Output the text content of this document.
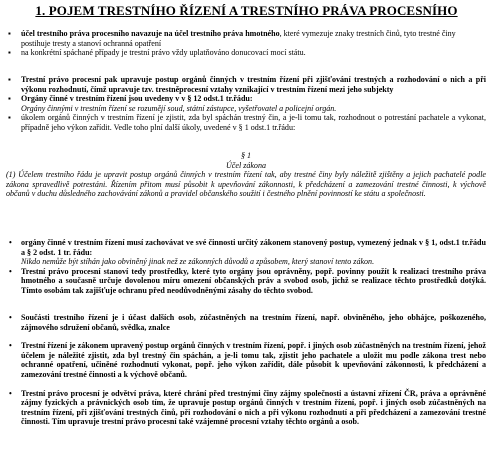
1. POJEM TRESTNÍHO ŘÍZENÍ A TRESTNÍHO PRÁVA PROCESNÍHO
▪ účel trestního práva procesního navazuje na účel trestního práva hmotného, které vymezuje znaky trestních činů, tyto trestné činy postihuje tresty a stanoví ochranná opatření
▪ na konkrétní spáchané případy je trestní právo vždy uplatňováno donucovací mocí státu.
▪ Trestní právo procesní pak upravuje postup orgánů činných v trestním řízení při zjišťování trestných a rozhodování o nich a při výkonu rozhodnutí, čímž upravuje tzv. trestněprocesní vztahy vznikající v trestním řízení mezi jeho subjekty
▪ Orgány činné v trestním řízení jsou uvedeny v v § 12 odst.1 tr.řádu:
Orgány činnými v trestním řízení se rozumějí soud, státní zástupce, vyšetřovatel a policejní orgán.
▪ úkolem orgánů činných v trestním řízení je zjistit, zda byl spáchán trestný čin, a je-li tomu tak, rozhodnout o potrestání pachatele a vykonat, případně jeho výkon zařídit. Vedle toho plní další úkoly, uvedené v § 1 odst.1 tr.řádu:
§ 1
Účel zákona
(1) Účelem trestního řádu je upravit postup orgánů činných v trestním řízení tak, aby trestné činy byly náležitě zjištěny a jejich pachatelé podle zákona spravedlivě potrestáni. Řízením přitom musí působit k upevňování zákonnosti, k předcházení a zamezování trestné činnosti, k výchově občanů v duchu důsledného zachovávání zákonů a pravidel občanského soužití i čestného plnění povinností ke státu a společnosti.
• orgány činné v trestním řízení musí zachovávat ve své činnosti určitý zákonem stanovený postup, vymezený jednak v § 1, odst.1 tr.řádu a § 2 odst. 1 tr. řádu:
Nikdo nemůže být stíhán jako obviněný jinak než ze zákonných důvodů a způsobem, který stanoví tento zákon.
• Trestní právo procesní stanoví tedy prostředky, které tyto orgány jsou oprávněny, popř. povinny použít k realizaci trestního práva hmotného a současně určuje dovolenou míru omezení občanských práv a svobod osob, jichž se realizace těchto prostředků dotýká. Tímto osobám tak zajišťuje ochranu před neodůvodněnými zásahy do těchto svobod.
• Součásti trestního řízení je i účast dalších osob, zúčastněných na trestním řízení, např. obviněného, jeho obhájce, poškozeného, zájmového sdružení občanů, svědka, znalce
• Trestní řízení je zákonem upravený postup orgánů činných v trestním řízení, popř. i jiných osob zúčastněných na trestním řízení, jehož účelem je náležité zjistit, zda byl trestný čin spáchán, a je-li tomu tak, zjistit jeho pachatele a uložit mu podle zákona trest nebo ochranné opatření, učiněné rozhodnutí vykonat, popř. jeho výkon zařídit, dále působit k upevňování zákonnosti, k předcházení a zamezování trestné činnosti a k výchově občanů.
• Trestní právo procesní je odvětví práva, které chrání před trestnými činy zájmy společnosti a ústavní zřízení ČR, práva a oprávněné zájmy fyzických a právnických osob tím, že upravuje postup orgánů činných v trestním řízení, popř. i jiných osob zúčastněných na trestním řízení, při zjišťování trestných činů, při rozhodování o nich a při výkonu rozhodnutí a při předcházení a zamezování trestné činnosti. Tím upravuje trestní právo procesní také vzájemné procesní vztahy těchto orgánů a osob.
